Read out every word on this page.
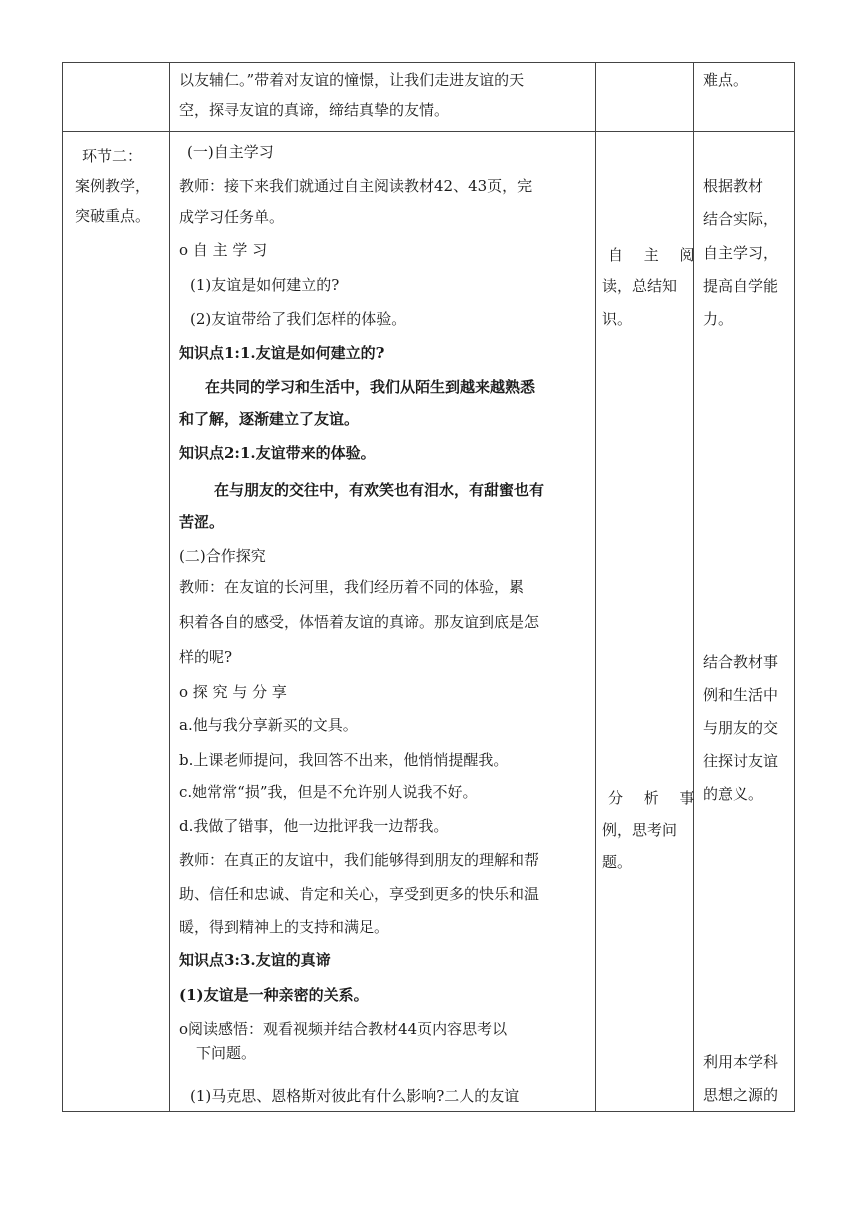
以友辅仁。”带着对友谊的憧憬，让我们走进友谊的天
空，探寻友谊的真谛，缔结真挚的友情。
难点。
环节二：
案例教学，
突破重点。
(一)自主学习
教师：接下来我们就通过自主阅读教材42、43页，完
成学习任务单。
o 自 主 学 习
(1)友谊是如何建立的?
(2)友谊带给了我们怎样的体验。
知识点1:1.友谊是如何建立的?
在共同的学习和生活中，我们从陌生到越来越熟悉
和了解，逐渐建立了友谊。
知识点2:1.友谊带来的体验。
在与朋友的交往中，有欢笑也有泪水，有甜蜜也有
苦涩。
(二)合作探究
教师：在友谊的长河里，我们经历着不同的体验，累
积着各自的感受，体悟着友谊的真谛。那友谊到底是怎
样的呢?
o 探 究 与 分 享
a.他与我分享新买的文具。
b.上课老师提问，我回答不出来，他悄悄提醒我。
c.她常常“损”我，但是不允许别人说我不好。
d.我做了错事，他一边批评我一边帮我。
教师：在真正的友谊中，我们能够得到朋友的理解和帮
助、信任和忠诚、肯定和关心，享受到更多的快乐和温
暖，得到精神上的支持和满足。
知识点3:3.友谊的真谛
(1)友谊是一种亲密的关系。
o阅读感悟：观看视频并结合教材44页内容思考以
下问题。
(1)马克思、恩格斯对彼此有什么影响?二人的友谊
自 主 阅
读，总结知
识。
分 析 事
例，思考问
题。
根据教材
结合实际，
自主学习，
提高自学能
力。
结合教材事
例和生活中
与朋友的交
往探讨友谊
的意义。
利用本学科
思想之源的
